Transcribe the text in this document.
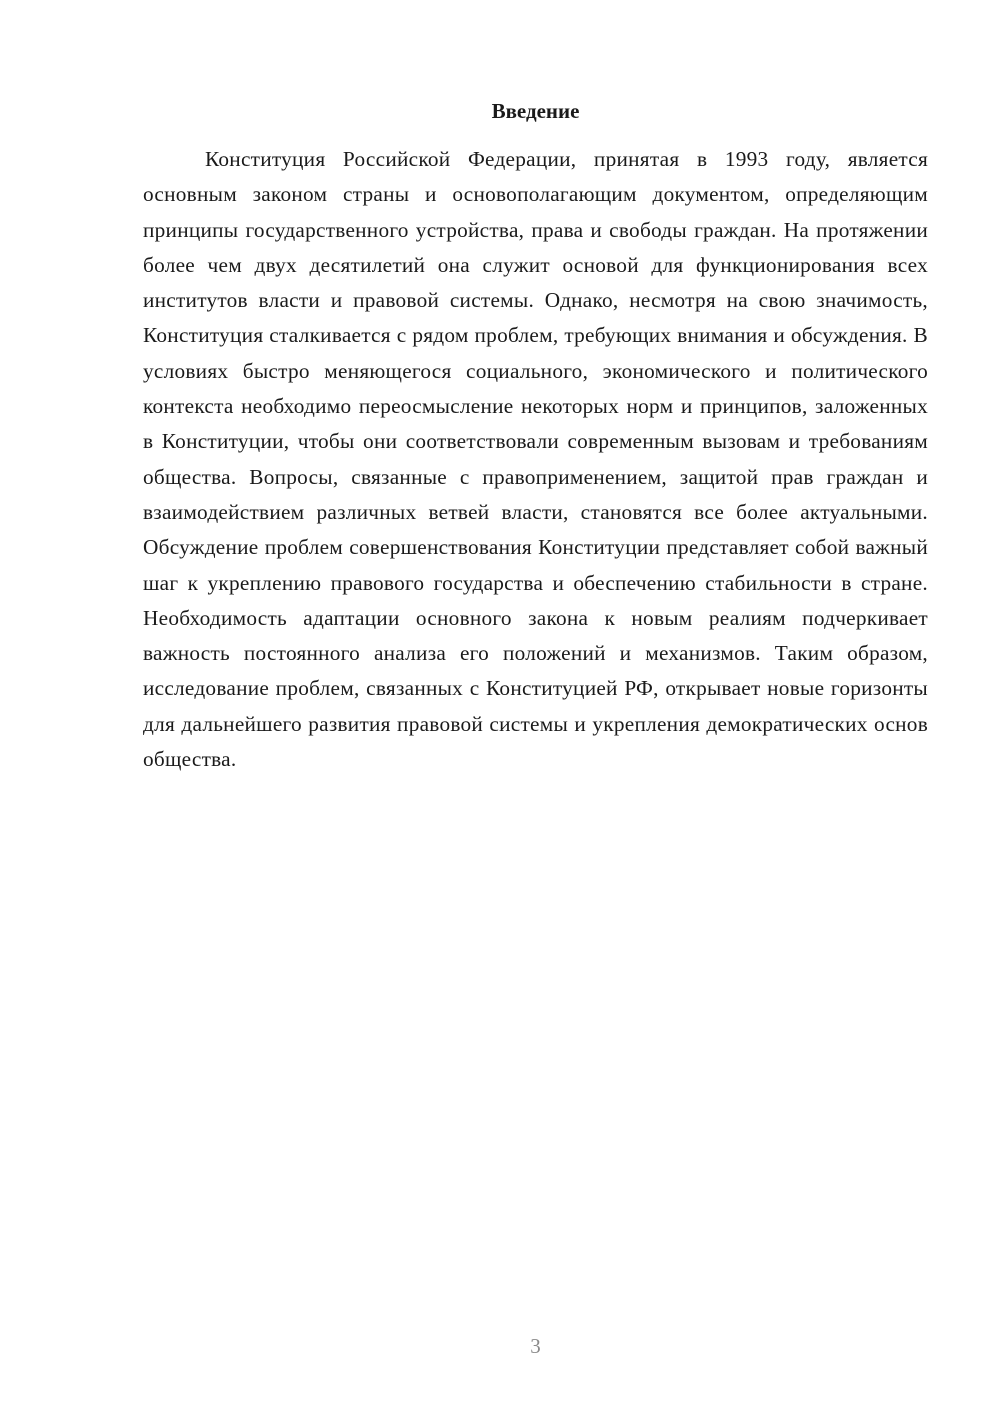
Введение

Конституция Российской Федерации, принятая в 1993 году, является основным законом страны и основополагающим документом, определяющим принципы государственного устройства, права и свободы граждан. На протяжении более чем двух десятилетий она служит основой для функционирования всех институтов власти и правовой системы. Однако, несмотря на свою значимость, Конституция сталкивается с рядом проблем, требующих внимания и обсуждения. В условиях быстро меняющегося социального, экономического и политического контекста необходимо переосмысление некоторых норм и принципов, заложенных в Конституции, чтобы они соответствовали современным вызовам и требованиям общества. Вопросы, связанные с правоприменением, защитой прав граждан и взаимодействием различных ветвей власти, становятся все более актуальными. Обсуждение проблем совершенствования Конституции представляет собой важный шаг к укреплению правового государства и обеспечению стабильности в стране. Необходимость адаптации основного закона к новым реалиям подчеркивает важность постоянного анализа его положений и механизмов. Таким образом, исследование проблем, связанных с Конституцией РФ, открывает новые горизонты для дальнейшего развития правовой системы и укрепления демократических основ общества.

3
